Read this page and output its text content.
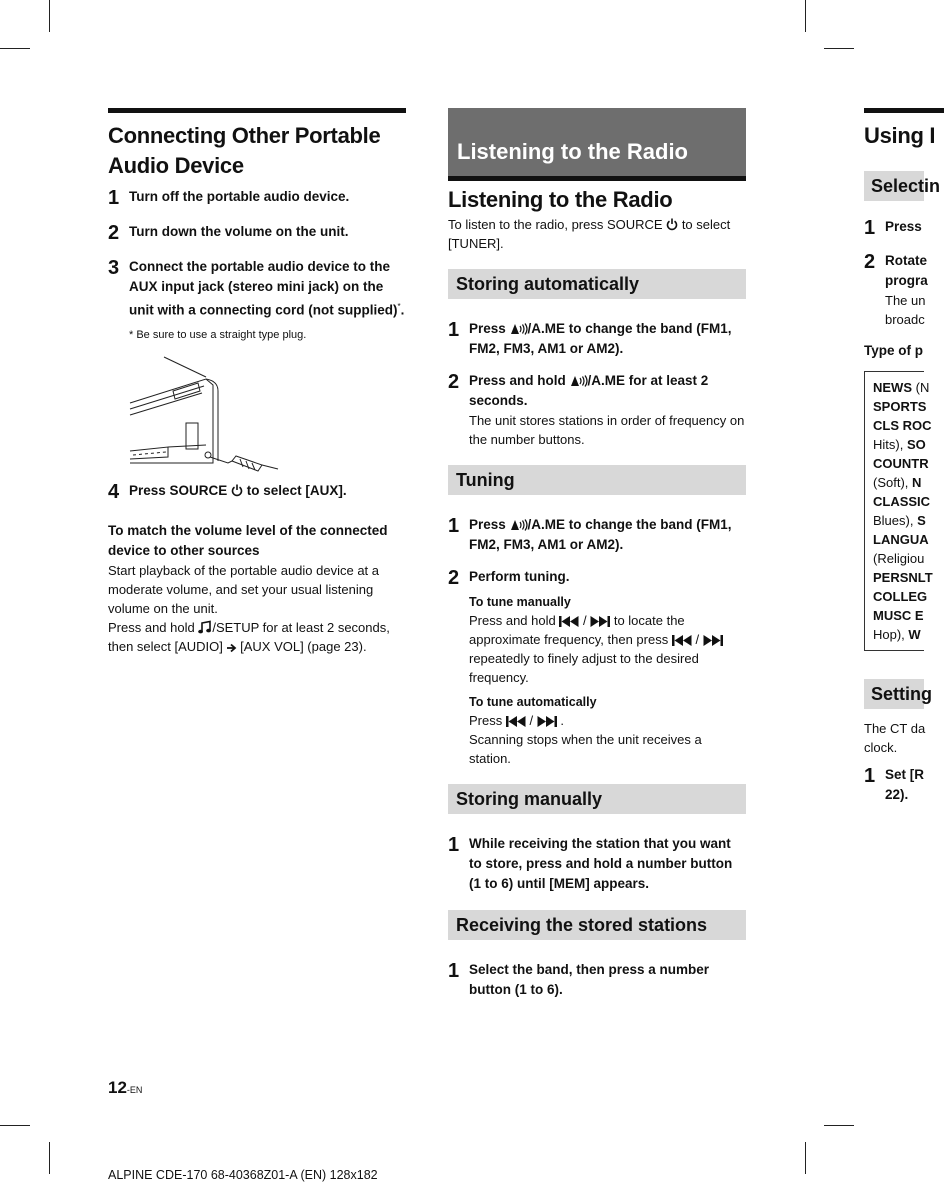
Connecting Other Portable Audio Device
1 Turn off the portable audio device.
2 Turn down the volume on the unit.
3 Connect the portable audio device to the AUX input jack (stereo mini jack) on the unit with a connecting cord (not supplied)*.
* Be sure to use a straight type plug.
4 Press SOURCE  to select [AUX].
To match the volume level of the connected device to other sources
Start playback of the portable audio device at a moderate volume, and set your usual listening volume on the unit.
Press and hold /SETUP for at least 2 seconds, then select [AUDIO]  [AUX VOL] (page 23).
Listening to the Radio
Listening to the Radio
To listen to the radio, press SOURCE  to select [TUNER].
Storing automatically
1 Press /A.ME to change the band (FM1, FM2, FM3, AM1 or AM2).
2 Press and hold /A.ME for at least 2 seconds.
The unit stores stations in order of frequency on the number buttons.
Tuning
1 Press /A.ME to change the band (FM1, FM2, FM3, AM1 or AM2).
2 Perform tuning.
To tune manually
Press and hold  /  to locate the approximate frequency, then press  /  repeatedly to finely adjust to the desired frequency.
To tune automatically
Press  /  .
Scanning stops when the unit receives a station.
Storing manually
1 While receiving the station that you want to store, press and hold a number button (1 to 6) until [MEM] appears.
Receiving the stored stations
1 Select the band, then press a number button (1 to 6).
Using I
Selectin
1 Press
2 Rotate
progra
The un
broadc
Type of p
NEWS (N
SPORTS
CLS ROC
Hits), SO
COUNTR
(Soft), N
CLASSIC
Blues), S
LANGUA
(Religiou
PERSNLT
COLLEG
MUSC E
Hop), W
Setting
The CT da
clock.
1 Set [R
22).
12-EN
ALPINE CDE-170 68-40368Z01-A (EN) 128x182
